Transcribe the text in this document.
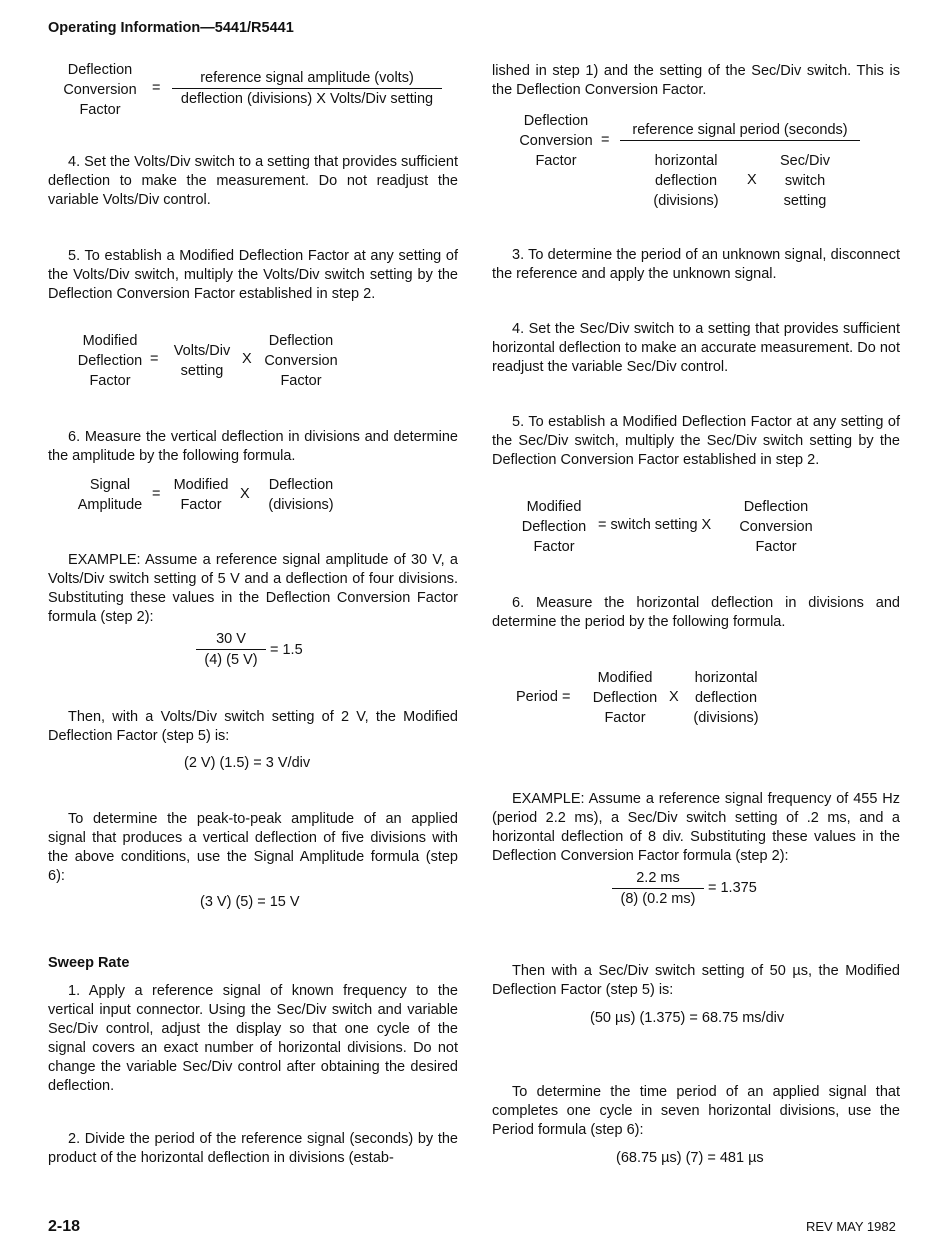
Operating Information—5441/R5441
Deflection
Conversion
Factor
=
reference signal amplitude (volts)
deflection (divisions) X Volts/Div setting
4. Set the Volts/Div switch to a setting that provides sufficient deflection to make the measurement. Do not readjust the variable Volts/Div control.
5. To establish a Modified Deflection Factor at any setting of the Volts/Div switch, multiply the Volts/Div switch setting by the Deflection Conversion Factor established in step 2.
Modified
Deflection
Factor
=	Volts/Div
setting
X
Deflection
Conversion
Factor
6. Measure the vertical deflection in divisions and determine the amplitude by the following formula.
Signal
Amplitude
=
Modified
Factor
X
Deflection
(divisions)
EXAMPLE: Assume a reference signal amplitude of 30 V, a Volts/Div switch setting of 5 V and a deflection of four divisions. Substituting these values in the Deflection Conversion Factor formula (step 2):
$\frac{30 V}{(4) (5 V)} = 1.5$
Then, with a Volts/Div switch setting of 2 V, the Modified Deflection Factor (step 5) is:
(2 V) (1.5) = 3 V/div
To determine the peak-to-peak amplitude of an applied signal that produces a vertical deflection of five divisions with the above conditions, use the Signal Amplitude formula (step 6):
(3 V) (5) = 15 V
Sweep Rate
1. Apply a reference signal of known frequency to the vertical input connector. Using the Sec/Div switch and variable Sec/Div control, adjust the display so that one cycle of the signal covers an exact number of horizontal divisions. Do not change the variable Sec/Div control after obtaining the desired deflection.
2. Divide the period of the reference signal (seconds) by the product of the horizontal deflection in divisions (estab-
lished in step 1) and the setting of the Sec/Div switch. This is the Deflection Conversion Factor.
Deflection
Conversion
Factor
=
reference signal period (seconds)
horizontal
deflection
(divisions)
X
Sec/Div
switch
setting
3. To determine the period of an unknown signal, disconnect the reference and apply the unknown signal.
4. Set the Sec/Div switch to a setting that provides sufficient horizontal deflection to make an accurate measurement. Do not readjust the variable Sec/Div control.
5. To establish a Modified Deflection Factor at any setting of the Sec/Div switch, multiply the Sec/Div switch setting by the Deflection Conversion Factor established in step 2.
Modified
Deflection
Factor
= switch setting X
Deflection
Conversion
Factor
6. Measure the horizontal deflection in divisions and determine the period by the following formula.
Period =
Modified
Deflection
Factor
X
horizontal
deflection
(divisions)
EXAMPLE: Assume a reference signal frequency of 455 Hz (period 2.2 ms), a Sec/Div switch setting of .2 ms, and a horizontal deflection of 8 div. Substituting these values in the Deflection Conversion Factor formula (step 2):
$\frac{2.2 ms}{(8) (0.2 ms)} = 1.375$
Then with a Sec/Div switch setting of 50 µs, the Modified Deflection Factor (step 5) is:
(50 µs) (1.375) = 68.75 ms/div
To determine the time period of an applied signal that completes one cycle in seven horizontal divisions, use the Period formula (step 6):
(68.75 µs) (7) = 481 µs
2-18	REV MAY 1982
